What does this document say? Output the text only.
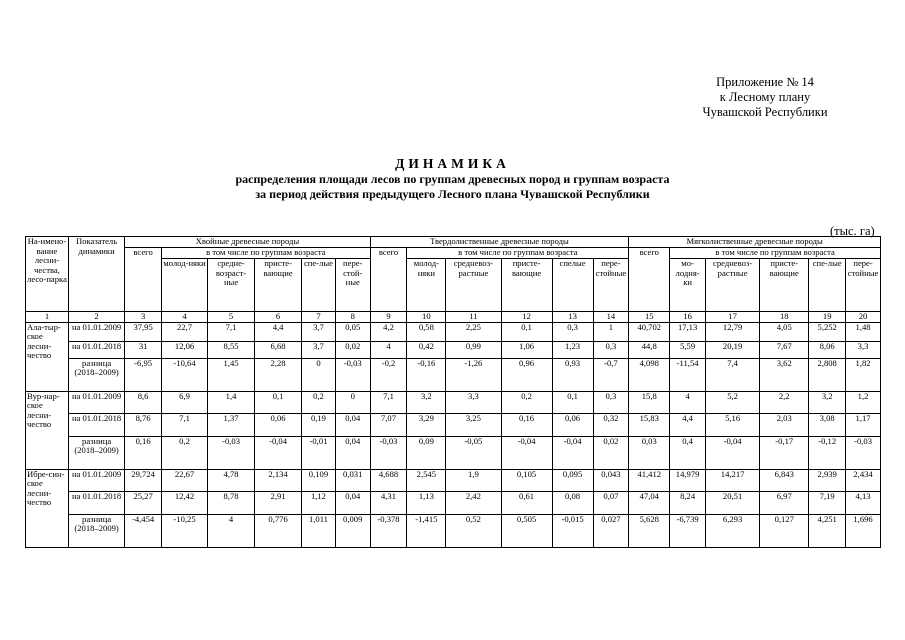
Приложение № 14
к Лесному плану
Чувашской Республики
ДИНАМИКА
распределения площади лесов по группам древесных пород и группам возраста
за период действия предыдущего Лесного плана Чувашской Республики
(тыс. га)
На-имено-вание лесни-чества, лесо-парка	Показатель динамики	Хвойные древесные породы						Твердолиственные древесные породы						Мягколиственные древесные породы					
		всего	в том числе по группам возраста					всего	в том числе по группам возраста					всего	в том числе по группам возраста				
			молод-няки	средне-возраст-ные	присте-вающие	спе-лые	пере-стой-ные		молод-няки	средневоз-растные	присте-вающие	спелые	пере-стойные		мо-лодня-ки	средневоз-растные	присте-вающие	спе-лые	пере-стойные
1	2	3	4	5	6	7	8	9	10	11	12	13	14	15	16	17	18	19	20
Ала-тыр-ское лесни-чество	на 01.01.2009	37,95	22,7	7,1	4,4	3,7	0,05	4,2	0,58	2,25	0,1	0,3	1	40,702	17,13	12,79	4,05	5,252	1,48
	на 01.01.2018	31	12,06	8,55	6,68	3,7	0,02	4	0,42	0,99	1,06	1,23	0,3	44,8	5,59	20,19	7,67	8,06	3,3
	разница (2018–2009)	-6,95	-10,64	1,45	2,28	0	-0,03	-0,2	-0,16	-1,26	0,96	0,93	-0,7	4,098	-11,54	7,4	3,62	2,808	1,82
Вур-нар-ское лесни-чество	на 01.01.2009	8,6	6,9	1,4	0,1	0,2	0	7,1	3,2	3,3	0,2	0,1	0,3	15,8	4	5,2	2,2	3,2	1,2
	на 01.01.2018	8,76	7,1	1,37	0,06	0,19	0,04	7,07	3,29	3,25	0,16	0,06	0,32	15,83	4,4	5,16	2,03	3,08	1,17
	разница (2018–2009)	0,16	0,2	-0,03	-0,04	-0,01	0,04	-0,03	0,09	-0,05	-0,04	-0,04	0,02	0,03	0,4	-0,04	-0,17	-0,12	-0,03
Ибре-син-ское лесни-чество	на 01.01.2009	29,724	22,67	4,78	2,134	0,109	0,031	4,688	2,545	1,9	0,105	0,095	0,043	41,412	14,979	14,217	6,843	2,939	2,434
	на 01.01.2018	25,27	12,42	8,78	2,91	1,12	0,04	4,31	1,13	2,42	0,61	0,08	0,07	47,04	8,24	20,51	6,97	7,19	4,13
	разница (2018–2009)	-4,454	-10,25	4	0,776	1,011	0,009	-0,378	-1,415	0,52	0,505	-0,015	0,027	5,628	-6,739	6,293	0,127	4,251	1,696
